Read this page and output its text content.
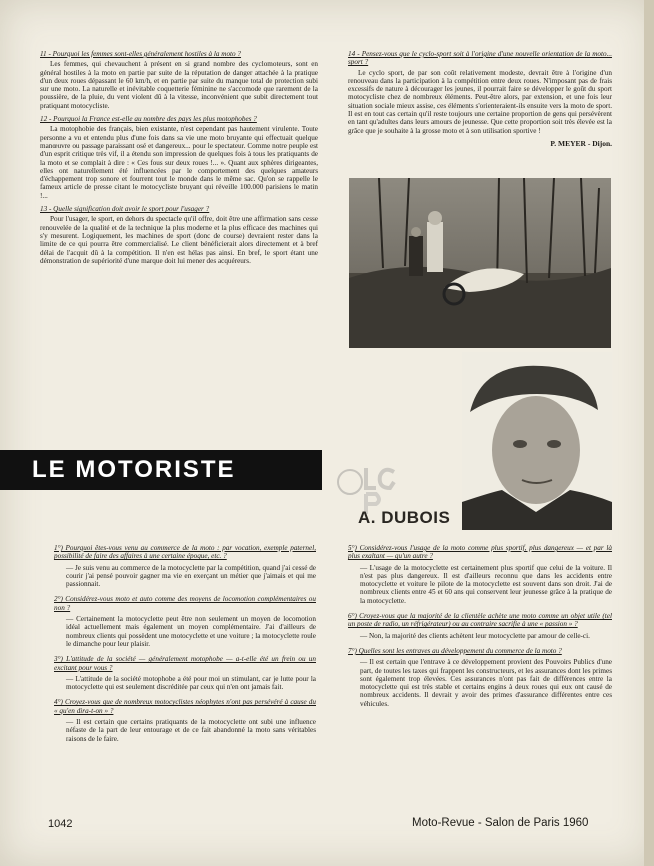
11 - Pourquoi les femmes sont-elles généralement hostiles à la moto ?

Les femmes, qui chevauchent à présent en si grand nombre des cyclomoteurs, sont en général hostiles à la moto en partie par suite de la réputation de danger attachée à la pratique d'un deux roues dépassant le 60 km/h, et en partie par suite du manque total de protection subi sur une moto. La naturelle et inévitable coquetterie féminine ne s'accomode que rarement de la poussière, de la pluie, du vent violent dû à la vitesse, inconvénient que subit directement tout pratiquant motocycliste.

12 - Pourquoi la France est-elle au nombre des pays les plus motophobes ?

La motophobie des français, bien existante, n'est cependant pas hautement virulente. Toute personne a vu et entendu plus d'une fois dans sa vie une moto bruyante qui effectuait quelque manœuvre ou passage paraissant osé et dangereux... pour le spectateur. Comme notre peuple est d'un esprit critique très vif, il a étendu son impression de quelques fois à tous les pratiquants de la moto et se complait à dire : « Ces fous sur deux roues !... ». Quant aux sphères dirigeantes, elles ont naturellement été influencées par le comportement des quelques amateurs d'échappement trop sonore et fourrent tout le monde dans le même sac. Qu'on se rappelle le fameux article de presse citant le motocycliste bruyant qui réveille 100.000 parisiens le matin !...

13 - Quelle signification doit avoir le sport pour l'usager ?

Pour l'usager, le sport, en dehors du spectacle qu'il offre, doit être une affirmation sans cesse renouvelée de la qualité et de la technique la plus moderne et la plus efficace des machines qui s'y mesurent. Logiquement, les machines de sport (donc de course) devraient rester dans la limite de ce qui pourra être commercialisé. Le client bénéficierait alors directement et à bref délai de l'acquit dû à la compétition. Il n'en est hélas pas ainsi. En bref, le sport étant une démonstration de supériorité d'une marque doit lui mener des acquéreurs.

14 - Pensez-vous que le cyclo-sport soit à l'origine d'une nouvelle orientation de la moto... sport ?

Le cyclo sport, de par son coût relativement modeste, devrait être à l'origine d'un renouveau dans la participation à la compétition entre deux roues. N'imposant pas de frais excessifs de nature à décourager les jeunes, il pourrait faire se développer le goût du sport motocycliste chez de nombreux éléments. Peut-être alors, par extension, et une fois leur situation sociale mieux assise, ces éléments s'orienteraient-ils ensuite vers la moto de sport. Il est en tout cas certain qu'il reste toujours une certaine proportion de gens qui persévèrent en tant qu'adultes dans leurs amours de jeunesse. Que cette proportion soit très élevée est la grâce que je souhaite à la grosse moto et à son utilisation sportive !

P. MEYER - Dijon.

LE MOTORISTE
A. DUBOIS

1°) Pourquoi êtes-vous venu au commerce de la moto : par vocation, exemple paternel, possibilité de faire des affaires à une certaine époque, etc. ?

— Je suis venu au commerce de la motocyclette par la compétition, quand j'ai cessé de courir j'ai pensé pouvoir gagner ma vie en exerçant un métier que j'aimais et qui me passionnait.

2°) Considérez-vous moto et auto comme des moyens de locomotion complémentaires ou non ?

— Certainement la motocyclette peut être non seulement un moyen de locomotion idéal actuellement mais également un moyen complémentaire. J'ai d'ailleurs de nombreux clients qui possèdent une motocyclette et une voiture ; la motocyclette roule le dimanche pour leur plaisir.

3°) L'attitude de la société — généralement motophobe — a-t-elle été un frein ou un excitant pour vous ?

— L'attitude de la société motophobe a été pour moi un stimulant, car je lutte pour la motocyclette qui est seulement discréditée par ceux qui n'en ont jamais fait.

4°) Croyez-vous que de nombreux motocyclistes néophytes n'ont pas persévéré à cause du « qu'en dira-t-on » ?

— Il est certain que certains pratiquants de la motocyclette ont subi une influence néfaste de la part de leur entourage et de ce fait abandonné la moto sans véritables raisons de le faire.

5°) Considérez-vous l'usage de la moto comme plus sportif, plus dangereux — et par là plus exaltant — qu'un autre ?

— L'usage de la motocyclette est certainement plus sportif que celui de la voiture. Il n'est pas plus dangereux. Il est d'ailleurs reconnu que dans les accidents entre motocyclette et voiture le pilote de la motocyclette est souvent dans son droit. J'ai de nombreux clients entre 45 et 60 ans qui conservent leur jeunesse grâce à la pratique de la motocyclette.

6°) Croyez-vous que la majorité de la clientèle achète une moto comme un objet utile (tel un poste de radio, un réfrigérateur) ou au contraire sacrifie à une « passion » ?

— Non, la majorité des clients achètent leur motocyclette par amour de celle-ci.

7°) Quelles sont les entraves au développement du commerce de la moto ?

— Il est certain que l'entrave à ce développement provient des Pouvoirs Publics d'une part, de toutes les taxes qui frappent les constructeurs, et les assurances dont les primes sont également trop élevées. Ces assurances n'ont pas fait de différences entre la motocyclette qui est très stable et certains engins à deux roues qui eux ont causé de nombreux accidents. Il devrait y avoir des primes d'assurance différentes entre ces véhicules.

1042	Moto-Revue - Salon de Paris 1960
